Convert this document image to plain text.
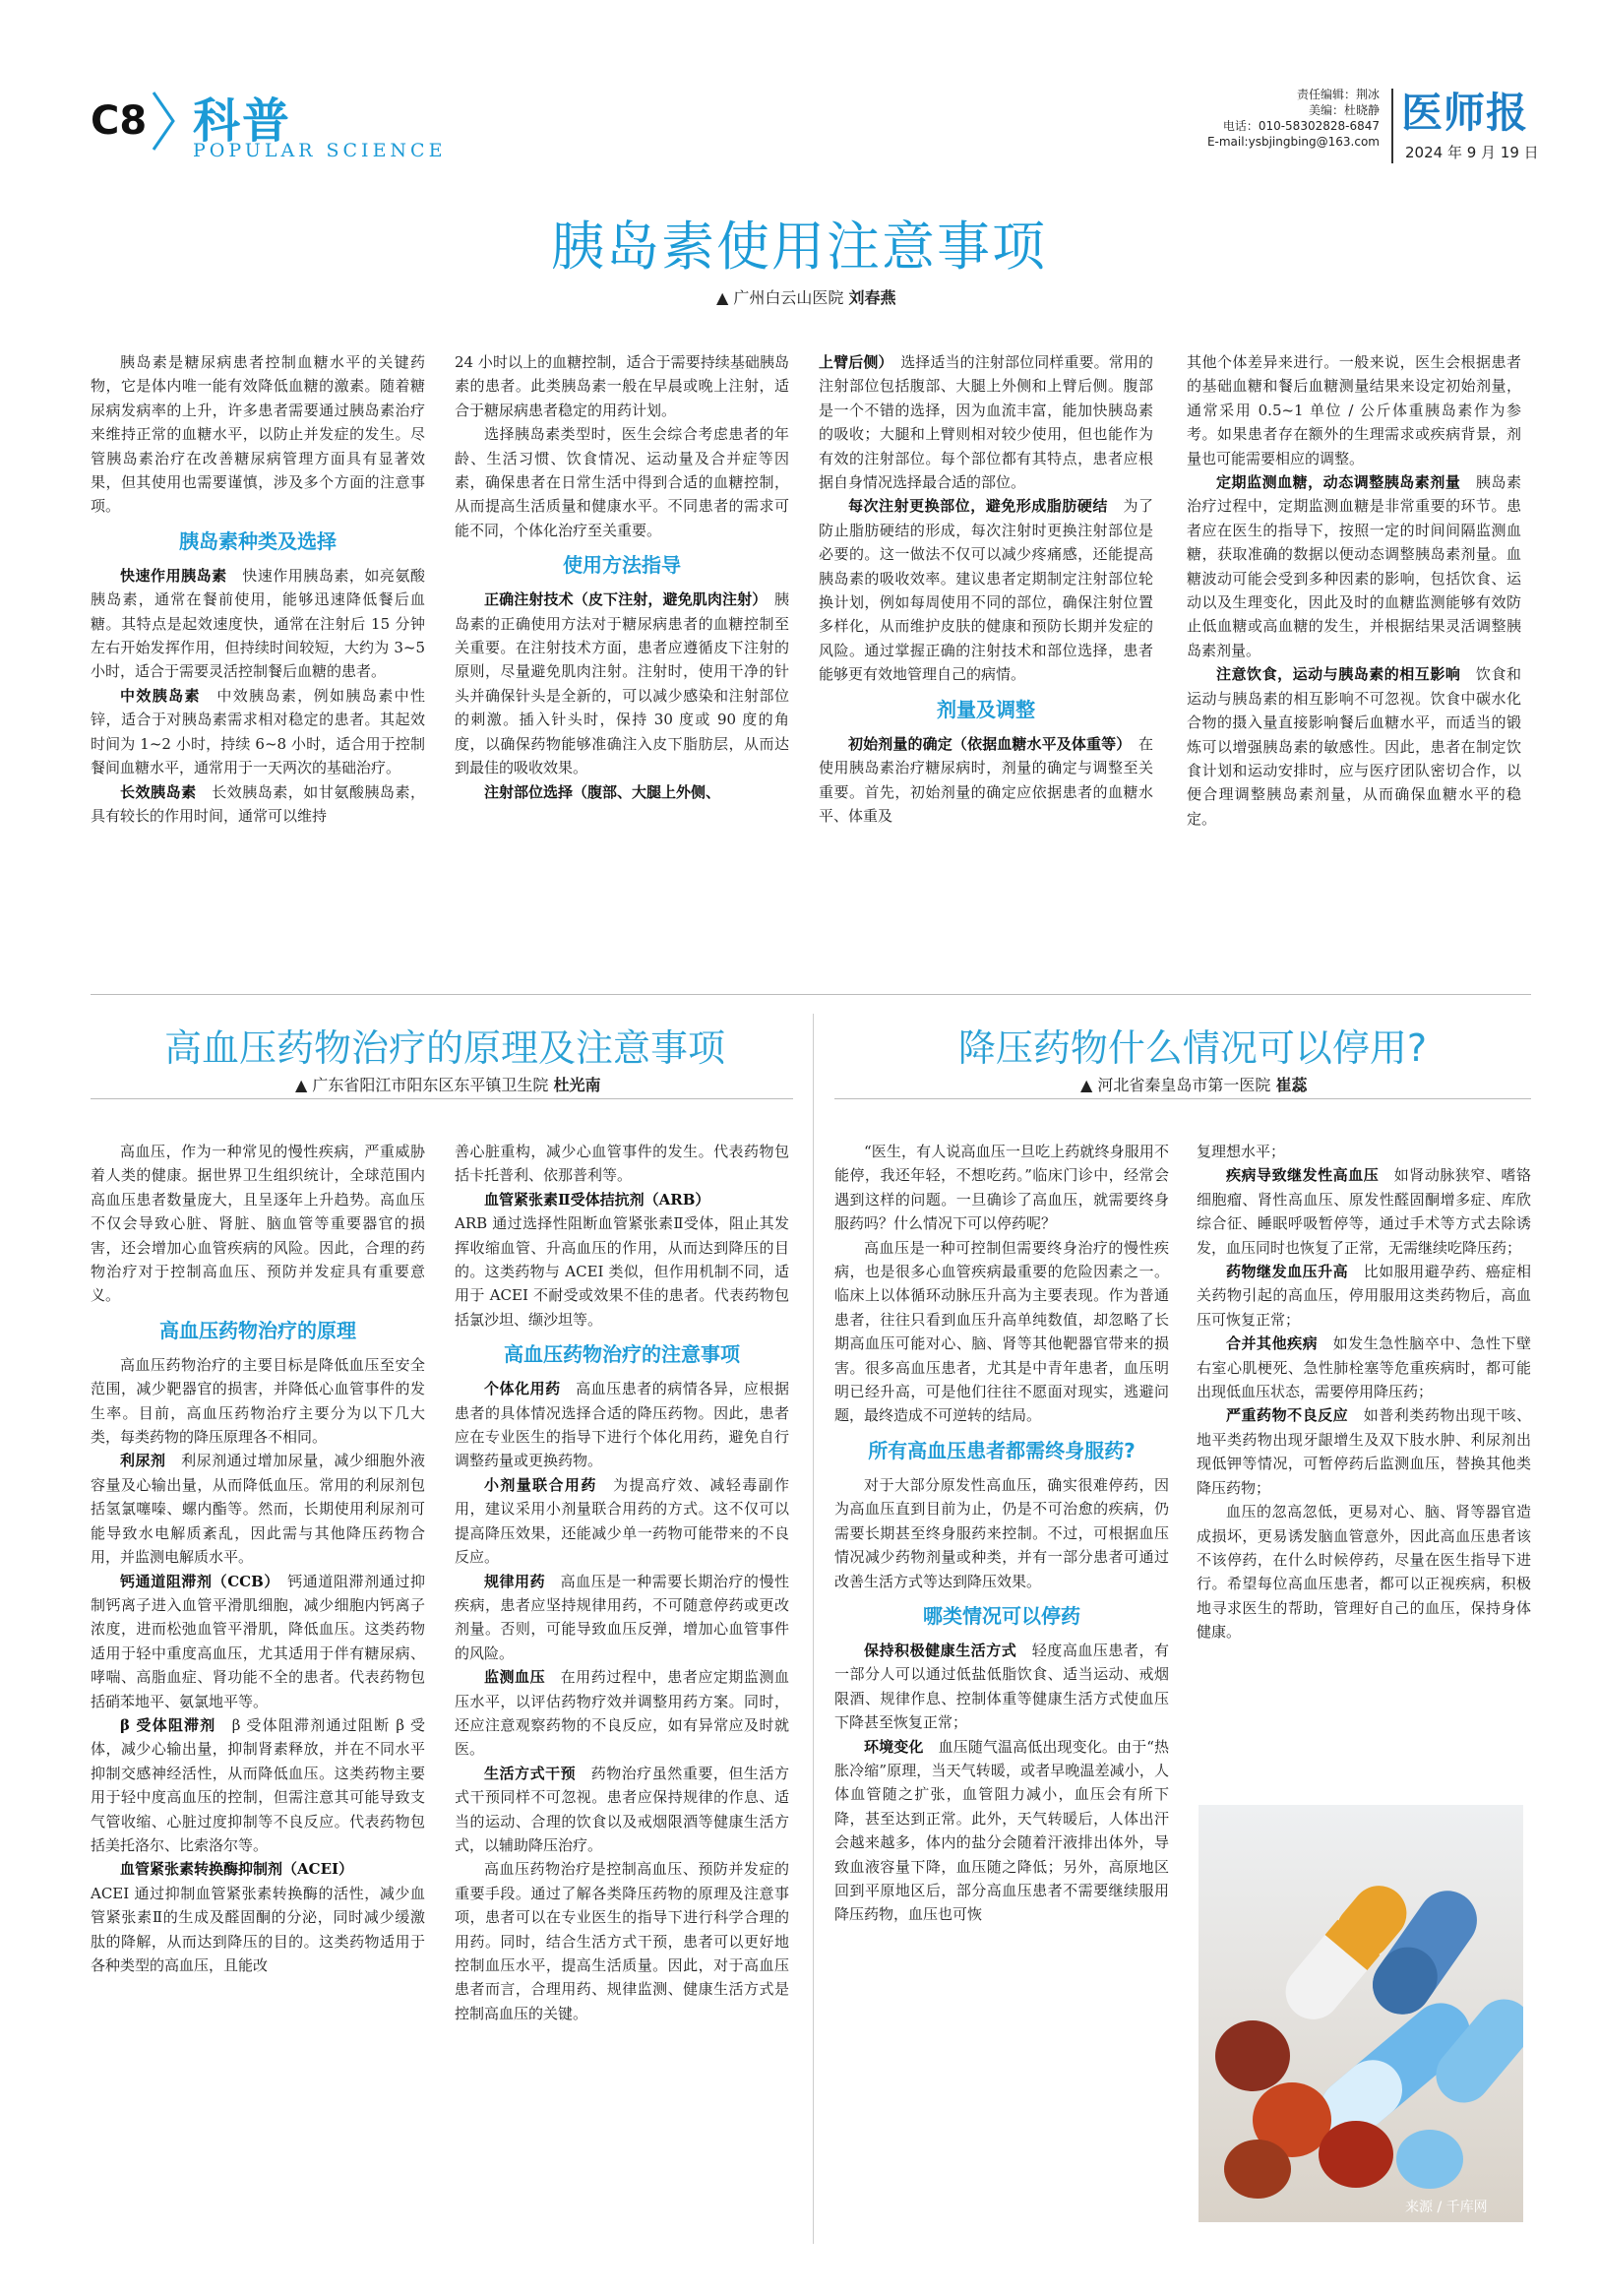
C8 科普
POPULAR SCIENCE
责任编辑：荆冰
美编：杜晓静
电话：010-58302828-6847
E-mail:ysbjingbing@163.com
医师报
2024 年 9 月 19 日
胰岛素使用注意事项
▲ 广州白云山医院 刘春燕

胰岛素是糖尿病患者控制血糖水平的关键药物，它是体内唯一能有效降低血糖的激素。随着糖尿病发病率的上升，许多患者需要通过胰岛素治疗来维持正常的血糖水平，以防止并发症的发生。尽管胰岛素治疗在改善糖尿病管理方面具有显著效果，但其使用也需要谨慎，涉及多个方面的注意事项。

胰岛素种类及选择

快速作用胰岛素　 快速作用胰岛素，如亮氨酸胰岛素，通常在餐前使用，能够迅速降低餐后血糖。其特点是起效速度快，通常在注射后 15 分钟左右开始发挥作用，但持续时间较短，大约为 3~5 小时，适合于需要灵活控制餐后血糖的患者。

中效胰岛素　 中效胰岛素，例如胰岛素中性锌，适合于对胰岛素需求相对稳定的患者。其起效时间为 1~2 小时，持续 6~8 小时，适合用于控制餐间血糖水平，通常用于一天两次的基础治疗。

长效胰岛素　 长效胰岛素，如甘氨酸胰岛素，具有较长的作用时间，通常可以维持

24 小时以上的血糖控制，适合于需要持续基础胰岛素的患者。此类胰岛素一般在早晨或晚上注射，适合于糖尿病患者稳定的用药计划。

选择胰岛素类型时，医生会综合考虑患者的年龄、生活习惯、饮食情况、运动量及合并症等因素，确保患者在日常生活中得到合适的血糖控制，从而提高生活质量和健康水平。不同患者的需求可能不同，个体化治疗至关重要。

使用方法指导

正确注射技术（皮下注射，避免肌肉注射）　 胰岛素的正确使用方法对于糖尿病患者的血糖控制至关重要。在注射技术方面，患者应遵循皮下注射的原则，尽量避免肌肉注射。注射时，使用干净的针头并确保针头是全新的，可以减少感染和注射部位的刺激。插入针头时，保持 30 度或 90 度的角度，以确保药物能够准确注入皮下脂肪层，从而达到最佳的吸收效果。

注射部位选择（腹部、大腿上外侧、　

上臂后侧）　 选择适当的注射部位同样重要。常用的注射部位包括腹部、大腿上外侧和上臂后侧。腹部是一个不错的选择，因为血流丰富，能加快胰岛素的吸收；大腿和上臂则相对较少使用，但也能作为有效的注射部位。每个部位都有其特点，患者应根据自身情况选择最合适的部位。

每次注射更换部位，避免形成脂肪硬结　 为了防止脂肪硬结的形成，每次注射时更换注射部位是必要的。这一做法不仅可以减少疼痛感，还能提高胰岛素的吸收效率。建议患者定期制定注射部位轮换计划，例如每周使用不同的部位，确保注射位置多样化，从而维护皮肤的健康和预防长期并发症的风险。通过掌握正确的注射技术和部位选择，患者能够更有效地管理自己的病情。

剂量及调整

初始剂量的确定（依据血糖水平及体重等）　 在使用胰岛素治疗糖尿病时，剂量的确定与调整至关重要。首先，初始剂量的确定应依据患者的血糖水平、体重及

其他个体差异来进行。一般来说，医生会根据患者的基础血糖和餐后血糖测量结果来设定初始剂量，通常采用 0.5~1 单位 / 公斤体重胰岛素作为参考。如果患者存在额外的生理需求或疾病背景，剂量也可能需要相应的调整。

定期监测血糖，动态调整胰岛素剂量　 胰岛素治疗过程中，定期监测血糖是非常重要的环节。患者应在医生的指导下，按照一定的时间间隔监测血糖，获取准确的数据以便动态调整胰岛素剂量。血糖波动可能会受到多种因素的影响，包括饮食、运动以及生理变化，因此及时的血糖监测能够有效防止低血糖或高血糖的发生，并根据结果灵活调整胰岛素剂量。

注意饮食，运动与胰岛素的相互影响　 饮食和运动与胰岛素的相互影响不可忽视。饮食中碳水化合物的摄入量直接影响餐后血糖水平，而适当的锻炼可以增强胰岛素的敏感性。因此，患者在制定饮食计划和运动安排时，应与医疗团队密切合作，以便合理调整胰岛素剂量，从而确保血糖水平的稳定。

高血压药物治疗的原理及注意事项
▲ 广东省阳江市阳东区东平镇卫生院 杜光南

高血压，作为一种常见的慢性疾病，严重威胁着人类的健康。据世界卫生组织统计，全球范围内高血压患者数量庞大，且呈逐年上升趋势。高血压不仅会导致心脏、肾脏、脑血管等重要器官的损害，还会增加心血管疾病的风险。因此，合理的药物治疗对于控制高血压、预防并发症具有重要意义。

高血压药物治疗的原理

高血压药物治疗的主要目标是降低血压至安全范围，减少靶器官的损害，并降低心血管事件的发生率。目前，高血压药物治疗主要分为以下几大类，每类药物的降压原理各不相同。

利尿剂　 利尿剂通过增加尿量，减少细胞外液容量及心输出量，从而降低血压。常用的利尿剂包括氢氯噻嗪、螺内酯等。然而，长期使用利尿剂可能导致水电解质紊乱，因此需与其他降压药物合用，并监测电解质水平。

钙通道阻滞剂（CCB）　 钙通道阻滞剂通过抑制钙离子进入血管平滑肌细胞，减少细胞内钙离子浓度，进而松弛血管平滑肌，降低血压。这类药物适用于轻中重度高血压，尤其适用于伴有糖尿病、哮喘、高脂血症、肾功能不全的患者。代表药物包括硝苯地平、氨氯地平等。

β 受体阻滞剂　 β 受体阻滞剂通过阻断 β 受体，减少心输出量，抑制肾素释放，并在不同水平抑制交感神经活性，从而降低血压。这类药物主要用于轻中度高血压的控制，但需注意其可能导致支气管收缩、心脏过度抑制等不良反应。代表药物包括美托洛尔、比索洛尔等。

血管紧张素转换酶抑制剂（ACEI）　

ACEI 通过抑制血管紧张素转换酶的活性，减少血管紧张素Ⅱ的生成及醛固酮的分泌，同时减少缓激肽的降解，从而达到降压的目的。这类药物适用于各种类型的高血压，且能改

善心脏重构，减少心血管事件的发生。代表药物包括卡托普利、依那普利等。

血管紧张素Ⅱ受体拮抗剂（ARB）　

ARB 通过选择性阻断血管紧张素Ⅱ受体，阻止其发挥收缩血管、升高血压的作用，从而达到降压的目的。这类药物与 ACEI 类似，但作用机制不同，适用于 ACEI 不耐受或效果不佳的患者。代表药物包括氯沙坦、缬沙坦等。

高血压药物治疗的注意事项

个体化用药　 高血压患者的病情各异，应根据患者的具体情况选择合适的降压药物。因此，患者应在专业医生的指导下进行个体化用药，避免自行调整药量或更换药物。

小剂量联合用药　 为提高疗效、减轻毒副作用，建议采用小剂量联合用药的方式。这不仅可以提高降压效果，还能减少单一药物可能带来的不良反应。

规律用药　 高血压是一种需要长期治疗的慢性疾病，患者应坚持规律用药，不可随意停药或更改剂量。否则，可能导致血压反弹，增加心血管事件的风险。

监测血压　 在用药过程中，患者应定期监测血压水平，以评估药物疗效并调整用药方案。同时，还应注意观察药物的不良反应，如有异常应及时就医。

生活方式干预　 药物治疗虽然重要，但生活方式干预同样不可忽视。患者应保持规律的作息、适当的运动、合理的饮食以及戒烟限酒等健康生活方式，以辅助降压治疗。

高血压药物治疗是控制高血压、预防并发症的重要手段。通过了解各类降压药物的原理及注意事项，患者可以在专业医生的指导下进行科学合理的用药。同时，结合生活方式干预，患者可以更好地控制血压水平，提高生活质量。因此，对于高血压患者而言，合理用药、规律监测、健康生活方式是控制高血压的关键。

降压药物什么情况可以停用?
▲ 河北省秦皇岛市第一医院 崔蕊

“医生，有人说高血压一旦吃上药就终身服用不能停，我还年轻，不想吃药。”临床门诊中，经常会遇到这样的问题。一旦确诊了高血压，就需要终身服药吗？什么情况下可以停药呢？

高血压是一种可控制但需要终身治疗的慢性疾病，也是很多心血管疾病最重要的危险因素之一。临床上以体循环动脉压升高为主要表现。作为普通患者，往往只看到血压升高单纯数值，却忽略了长期高血压可能对心、脑、肾等其他靶器官带来的损害。很多高血压患者，尤其是中青年患者，血压明明已经升高，可是他们往往不愿面对现实，逃避问题，最终造成不可逆转的结局。

所有高血压患者都需终身服药?

对于大部分原发性高血压，确实很难停药，因为高血压直到目前为止，仍是不可治愈的疾病，仍需要长期甚至终身服药来控制。不过，可根据血压情况减少药物剂量或种类，并有一部分患者可通过改善生活方式等达到降压效果。

哪类情况可以停药

保持积极健康生活方式　 轻度高血压患者，有一部分人可以通过低盐低脂饮食、适当运动、戒烟限酒、规律作息、控制体重等健康生活方式使血压下降甚至恢复正常；

环境变化　 血压随气温高低出现变化。由于“热胀冷缩”原理，当天气转暖，或者早晚温差减小，人体血管随之扩张，血管阻力减小，血压会有所下降，甚至达到正常。此外，天气转暖后，人体出汗会越来越多，体内的盐分会随着汗液排出体外，导致血液容量下降，血压随之降低；另外，高原地区回到平原地区后，部分高血压患者不需要继续服用降压药物，血压也可恢

复理想水平；

疾病导致继发性高血压　 如肾动脉狭窄、嗜铬细胞瘤、肾性高血压、原发性醛固酮增多症、库欣综合征、睡眠呼吸暂停等，通过手术等方式去除诱发，血压同时也恢复了正常，无需继续吃降压药；

药物继发血压升高　 比如服用避孕药、癌症相关药物引起的高血压，停用服用这类药物后，高血压可恢复正常；

合并其他疾病　 如发生急性脑卒中、急性下壁右室心肌梗死、急性肺栓塞等危重疾病时，都可能出现低血压状态，需要停用降压药；

严重药物不良反应　 如普利类药物出现干咳、地平类药物出现牙龈增生及双下肢水肿、利尿剂出现低钾等情况，可暂停药后监测血压，替换其他类降压药物；

血压的忽高忽低，更易对心、脑、肾等器官造成损坏，更易诱发脑血管意外，因此高血压患者该不该停药，在什么时候停药，尽量在医生指导下进行。希望每位高血压患者，都可以正视疾病，积极地寻求医生的帮助，管理好自己的血压，保持身体健康。

来源 / 千库网
